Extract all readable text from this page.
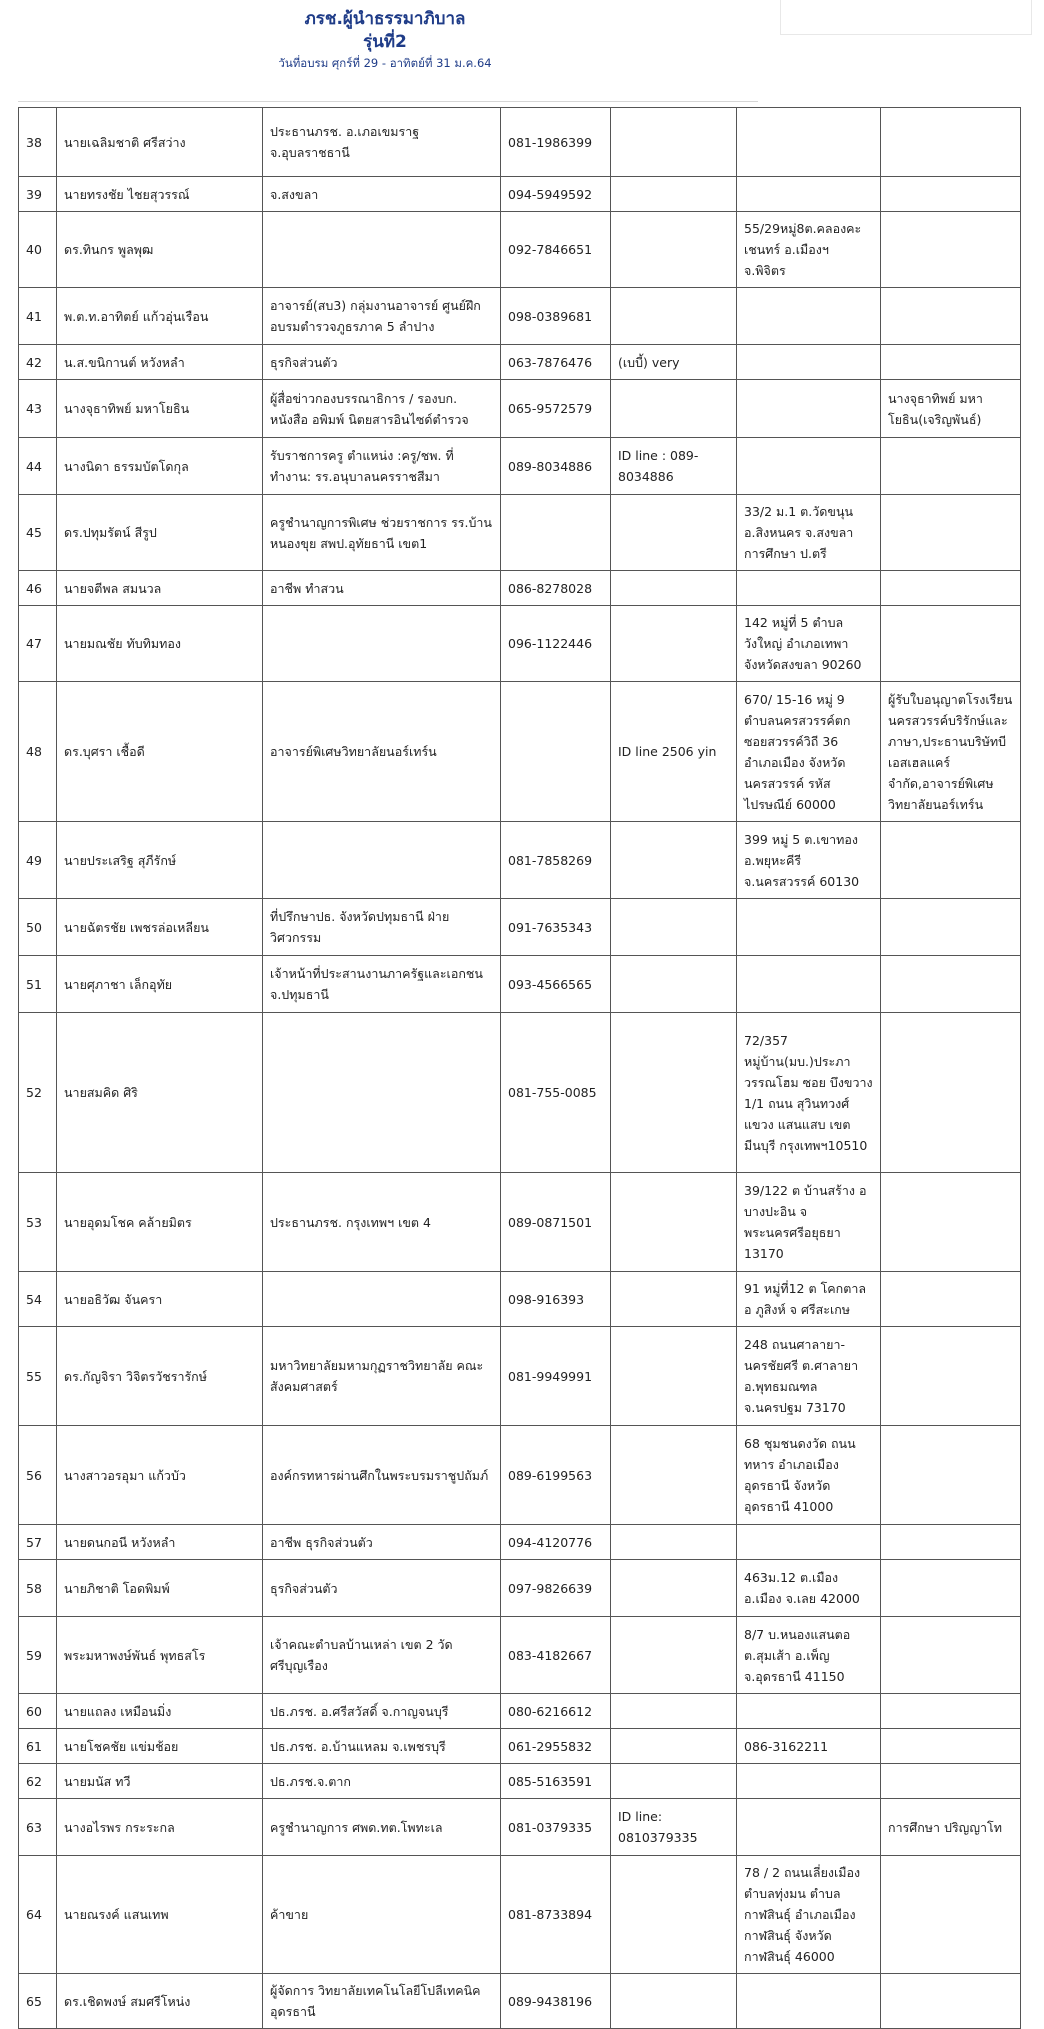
ภรช.ผู้นำธรรมาภิบาล
รุ่นที่2
วันที่อบรม ศุกร์ที่ 29 - อาทิตย์ที่ 31 ม.ค.64
38	นายเฉลิมชาติ ศรีสว่าง	ประธานภรช. อ.เภอเขมราฐ จ.อุบลราชธานี	081-1986399			
39	นายทรงชัย ไชยสุวรรณ์	จ.สงขลา	094-5949592			
40	ดร.ทินกร พูลพุฒ		092-7846651		55/29หมู่8ต.คลองคะเชนทร์ อ.เมืองฯ จ.พิจิตร	
41	พ.ต.ท.อาทิตย์ แก้วอุ่นเรือน	อาจารย์(สบ3) กลุ่มงานอาจารย์ ศูนย์ฝึกอบรมตำรวจภูธรภาค 5 ลำปาง	098-0389681			
42	น.ส.ขนิกานต์ หวังหลำ	ธุรกิจส่วนตัว	063-7876476	(เบบี้) very		
43	นางจุธาทิพย์ มหาโยธิน	ผู้สื่อข่าวกองบรรณาธิการ / รองบก. หนังสือ อพิมพ์ นิตยสารอินไซด์ตำรวจ	065-9572579			นางจุธาทิพย์ มหาโยธิน(เจริญพันธ์)
44	นางนิดา ธรรมบัตโดกุล	รับราชการครู ตำแหน่ง :ครู/ชพ. ที่ทำงาน: รร.อนุบาลนครราชสีมา	089-8034886	ID line : 089-8034886		
45	ดร.ปทุมรัตน์ สีรูป	ครูชำนาญการพิเศษ ช่วยราชการ รร.บ้านหนองขุย สพป.อุทัยธานี เขต1			33/2 ม.1 ต.วัดขนุน อ.สิงหนคร จ.สงขลา การศึกษา ป.ตรี	
46	นายจตีพล สมนวล	อาชีพ ทำสวน	086-8278028			
47	นายมณชัย ทับทิมทอง		096-1122446		142 หมู่ที่ 5 ตำบลวังใหญ่ อำเภอเทพา จังหวัดสงขลา 90260	
48	ดร.บุศรา เชื้อดี	อาจารย์พิเศษวิทยาลัยนอร์เทร์น		ID line 2506 yin	670/ 15-16 หมู่ 9 ตำบลนครสวรรค์ตก ซอยสวรรค์วิถี 36 อำเภอเมือง จังหวัดนครสวรรค์ รหัสไปรษณีย์ 60000	ผู้รับใบอนุญาตโรงเรียนนครสวรรค์บริรักษ์และภาษา,ประธานบริษัทบีเอสเฮลแคร์ จำกัด,อาจารย์พิเศษวิทยาลัยนอร์เทร์น
49	นายประเสริฐ สุภีรักษ์		081-7858269		399 หมู่ 5 ต.เขาทอง อ.พยุหะคีรี จ.นครสวรรค์ 60130	
50	นายฉัตรชัย เพชรล่อเหลียน	ที่ปรึกษาปธ. จังหวัดปทุมธานี ฝ่ายวิศวกรรม	091-7635343			
51	นายศุภาชา เล็กอุทัย	เจ้าหน้าที่ประสานงานภาครัฐและเอกชน จ.ปทุมธานี	093-4566565			
52	นายสมคิด ศิริ		081-755-0085		72/357 หมู่บ้าน(มบ.)ประภาวรรณโฮม ซอย บึงขวาง 1/1 ถนน สุวินทวงศ์ แขวง แสนแสบ เขต มีนบุรี กรุงเทพฯ10510	
53	นายอุดมโชค คล้ายมิตร	ประธานภรช. กรุงเทพฯ เขต 4	089-0871501		39/122 ต บ้านสร้าง อ บางปะอิน จ พระนครศรีอยุธยา 13170	
54	นายอธิวัฒ จันครา		098-916393		91 หมู่ที่12 ต โคกตาล อ ภูสิงห์ จ ศรีสะเกษ	
55	ดร.กัญจิรา วิจิตรวัชรารักษ์	มหาวิทยาลัยมหามกุฏราชวิทยาลัย คณะสังคมศาสตร์	081-9949991		248 ถนนศาลายา-นครชัยศรี ต.ศาลายา อ.พุทธมณฑล จ.นครปฐม 73170	
56	นางสาวอรอุมา แก้วบัว	องค์กรทหารผ่านศึกในพระบรมราชูปถัมภ์	089-6199563		68 ชุมชนดงวัด ถนนทหาร อำเภอเมือง อุดรธานี จังหวัด อุดรธานี 41000	
57	นายดนกอนี หวังหลำ	อาชีพ ธุรกิจส่วนตัว	094-4120776			
58	นายภิชาติ โอดพิมพ์	ธุรกิจส่วนตัว	097-9826639		463ม.12 ต.เมือง อ.เมือง จ.เลย 42000	
59	พระมหาพงษ์พันธ์ พุทธสโร	เจ้าคณะตำบลบ้านเหล่า เขต 2 วัดศรีบุญเรือง	083-4182667		8/7 บ.หนองแสนตอ ต.สุมเส้า อ.เพ็ญ จ.อุดรธานี 41150	
60	นายแถลง เหมือนมิ่ง	ปธ.ภรช. อ.ศรีสวัสดิ์ จ.กาญจนบุรี	080-6216612			
61	นายโชคชัย แข่มช้อย	ปธ.ภรช. อ.บ้านแหลม จ.เพชรบุรี	061-2955832		086-3162211	
62	นายมนัส ทวี	ปธ.ภรช.จ.ตาก	085-5163591			
63	นางอไรพร กระระกล	ครูชำนาญการ ศพด.ทต.โพทะเล	081-0379335	ID line: 0810379335		การศึกษา ปริญญาโท
64	นายณรงค์ แสนเทพ	ค้าขาย	081-8733894		78 / 2 ถนนเลี่ยงเมือง ตำบลทุ่งมน ตำบล กาฬสินธุ์ อำเภอเมือง กาฬสินธุ์ จังหวัด กาฬสินธุ์ 46000	
65	ดร.เชิดพงษ์ สมศรีโหน่ง	ผู้จัดการ วิทยาลัยเทคโนโลยีโปลีเทคนิคอุดรธานี	089-9438196			
